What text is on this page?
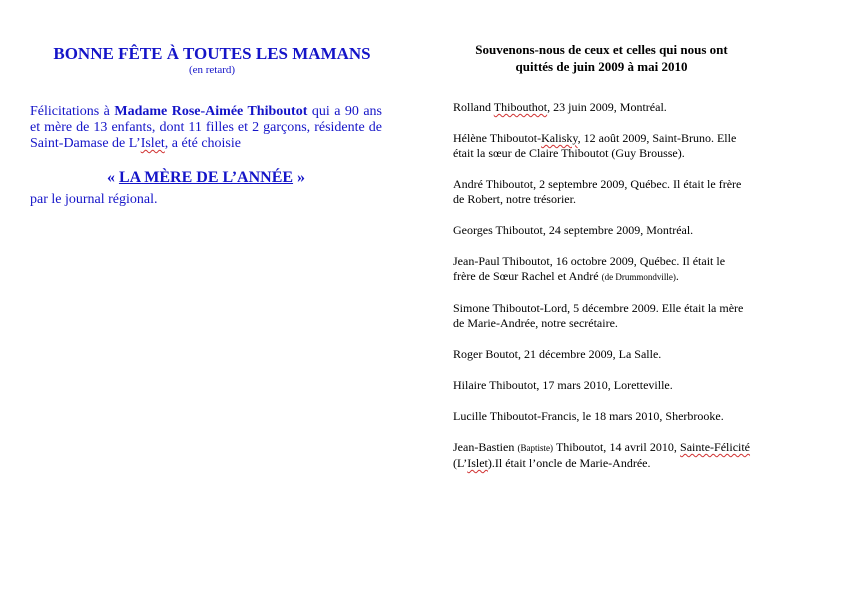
BONNE FÊTE À TOUTES LES MAMANS

(en retard)

Félicitations à Madame Rose-Aimée Thiboutot qui a 90 ans et mère de 13 enfants, dont 11 filles et 2 garçons, résidente de Saint-Damase de L’Islet, a été choisie

« LA MÈRE DE L’ANNÉE »

par le journal régional.

Souvenons-nous de ceux et celles qui nous ont
quittés de juin 2009 à mai 2010

Rolland Thibouthot, 23 juin 2009, Montréal.

Hélène Thiboutot-Kalisky, 12 août 2009, Saint-Bruno. Elle était la sœur de Claire Thiboutot (Guy Brousse).

André Thiboutot, 2 septembre 2009, Québec. Il était le frère de Robert, notre trésorier.

Georges Thiboutot, 24 septembre 2009, Montréal.

Jean-Paul Thiboutot, 16 octobre 2009, Québec. Il était le frère de Sœur Rachel et André (de Drummondville).

Simone Thiboutot-Lord, 5 décembre 2009. Elle était la mère de Marie-Andrée, notre secrétaire.

Roger Boutot, 21 décembre 2009, La Salle.

Hilaire Thiboutot, 17 mars 2010, Loretteville.

Lucille Thiboutot-Francis, le 18 mars 2010, Sherbrooke.

Jean-Bastien (Baptiste) Thiboutot, 14 avril 2010, Sainte-Félicité (L’Islet).Il était l’oncle de Marie-Andrée.
